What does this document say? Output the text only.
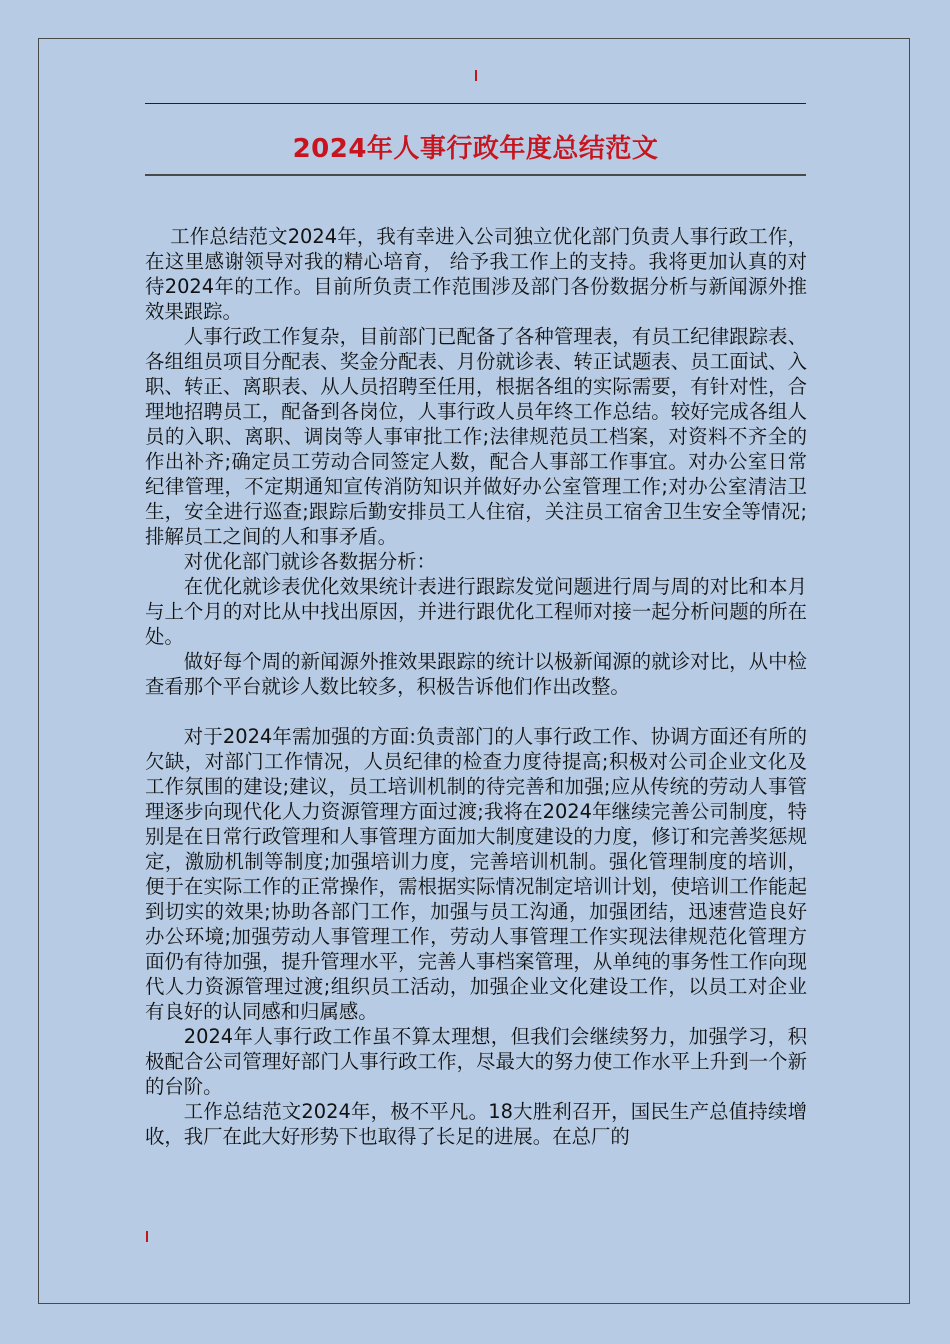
2024年人事行政年度总结范文

工作总结范文2024年，我有幸进入公司独立优化部门负责人事行政工作，在这里感谢领导对我的精心培育， 给予我工作上的支持。我将更加认真的对待2024年的工作。目前所负责工作范围涉及部门各份数据分析与新闻源外推效果跟踪。

人事行政工作复杂，目前部门已配备了各种管理表，有员工纪律跟踪表、各组组员项目分配表、奖金分配表、月份就诊表、转正试题表、员工面试、入职、转正、离职表、从人员招聘至任用，根据各组的实际需要，有针对性，合理地招聘员工，配备到各岗位，人事行政人员年终工作总结。较好完成各组人员的入职、离职、调岗等人事审批工作;法律规范员工档案，对资料不齐全的作出补齐;确定员工劳动合同签定人数，配合人事部工作事宜。对办公室日常纪律管理，不定期通知宣传消防知识并做好办公室管理工作;对办公室清洁卫生，安全进行巡查;跟踪后勤安排员工人住宿，关注员工宿舍卫生安全等情况;排解员工之间的人和事矛盾。

对优化部门就诊各数据分析：

在优化就诊表优化效果统计表进行跟踪发觉问题进行周与周的对比和本月与上个月的对比从中找出原因，并进行跟优化工程师对接一起分析问题的所在处。

做好每个周的新闻源外推效果跟踪的统计以极新闻源的就诊对比，从中检查看那个平台就诊人数比较多，积极告诉他们作出改整。

对于2024年需加强的方面:负责部门的人事行政工作、协调方面还有所的欠缺，对部门工作情况，人员纪律的检查力度待提高;积极对公司企业文化及工作氛围的建设;建议，员工培训机制的待完善和加强;应从传统的劳动人事管理逐步向现代化人力资源管理方面过渡;我将在2024年继续完善公司制度，特别是在日常行政管理和人事管理方面加大制度建设的力度，修订和完善奖惩规定，激励机制等制度;加强培训力度，完善培训机制。强化管理制度的培训，便于在实际工作的正常操作，需根据实际情况制定培训计划，使培训工作能起到切实的效果;协助各部门工作，加强与员工沟通，加强团结，迅速营造良好办公环境;加强劳动人事管理工作，劳动人事管理工作实现法律规范化管理方面仍有待加强，提升管理水平，完善人事档案管理，从单纯的事务性工作向现代人力资源管理过渡;组织员工活动，加强企业文化建设工作，以员工对企业有良好的认同感和归属感。

2024年人事行政工作虽不算太理想，但我们会继续努力，加强学习，积极配合公司管理好部门人事行政工作，尽最大的努力使工作水平上升到一个新的台阶。

工作总结范文2024年，极不平凡。18大胜利召开，国民生产总值持续增收，我厂在此大好形势下也取得了长足的进展。在总厂的
